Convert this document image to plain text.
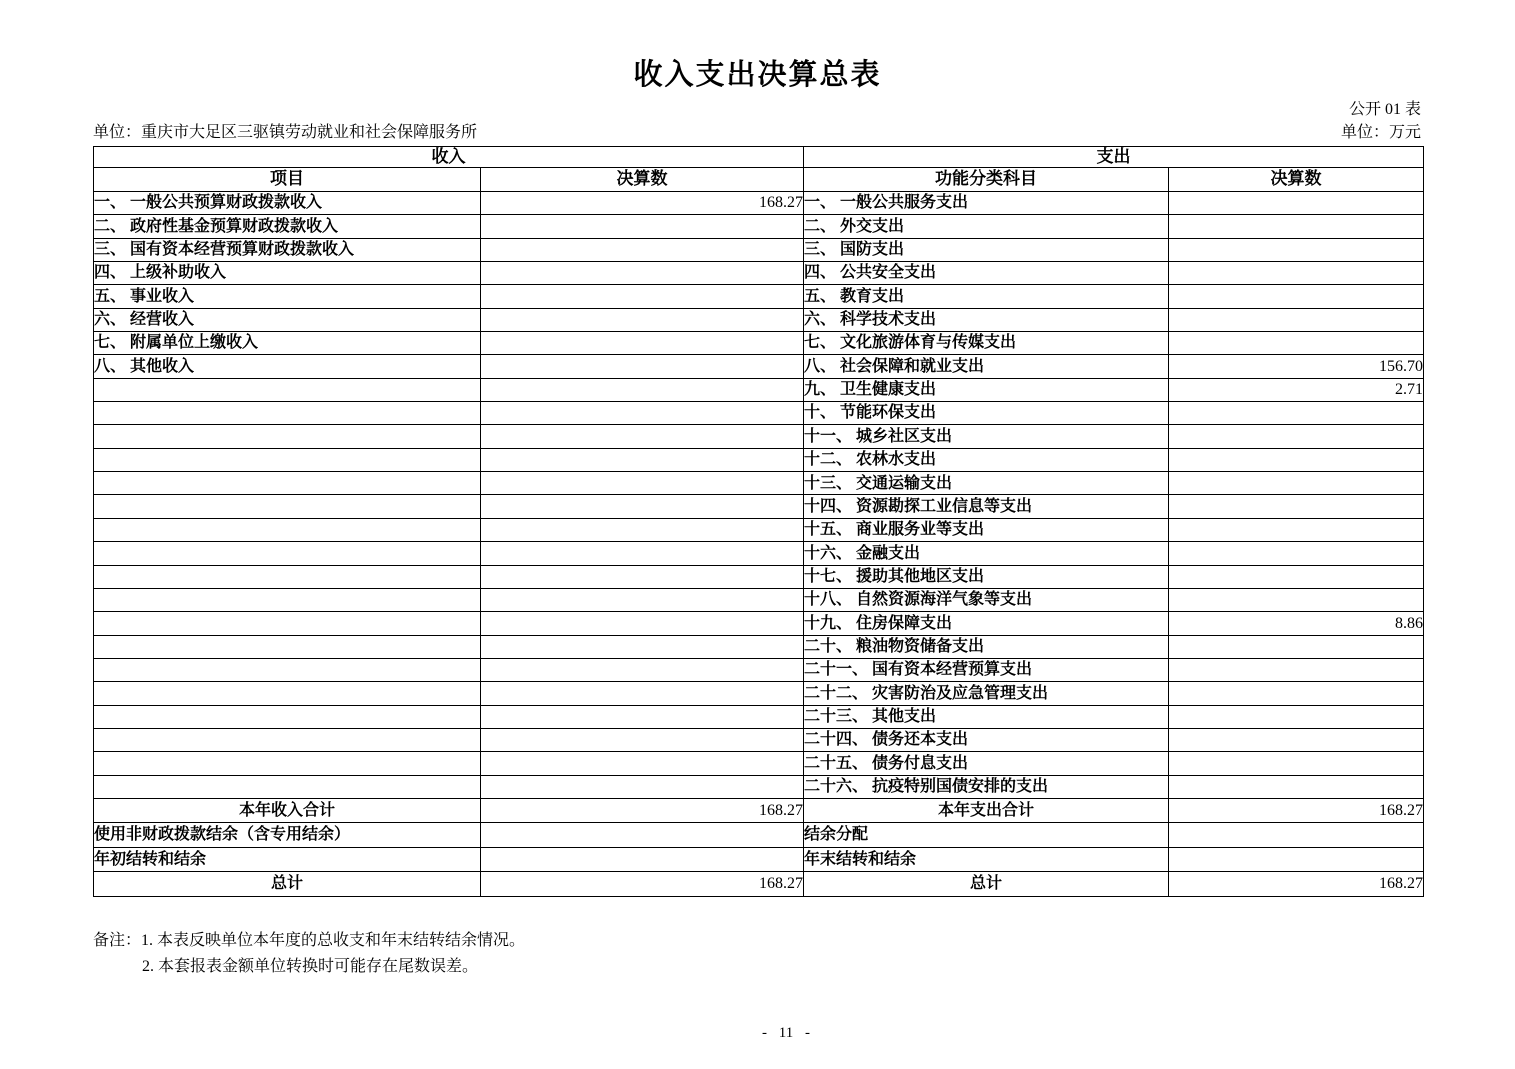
收入支出决算总表
公开 01 表
单位：重庆市大足区三驱镇劳动就业和社会保障服务所	单位：万元
收入		支出	
项目	决算数	功能分类科目	决算数
一、 一般公共预算财政拨款收入	168.27	一、 一般公共服务支出	
二、 政府性基金预算财政拨款收入		二、 外交支出	
三、 国有资本经营预算财政拨款收入		三、 国防支出	
四、 上级补助收入		四、 公共安全支出	
五、 事业收入		五、 教育支出	
六、 经营收入		六、 科学技术支出	
七、 附属单位上缴收入		七、 文化旅游体育与传媒支出	
八、 其他收入		八、 社会保障和就业支出	156.70
		九、 卫生健康支出	2.71
		十、 节能环保支出	
		十一、 城乡社区支出	
		十二、 农林水支出	
		十三、 交通运输支出	
		十四、 资源勘探工业信息等支出	
		十五、 商业服务业等支出	
		十六、 金融支出	
		十七、 援助其他地区支出	
		十八、 自然资源海洋气象等支出	
		十九、 住房保障支出	8.86
		二十、 粮油物资储备支出	
		二十一、 国有资本经营预算支出	
		二十二、 灾害防治及应急管理支出	
		二十三、 其他支出	
		二十四、 债务还本支出	
		二十五、 债务付息支出	
		二十六、 抗疫特别国债安排的支出	
本年收入合计	168.27	本年支出合计	168.27
使用非财政拨款结余（含专用结余）		结余分配	
年初结转和结余		年末结转和结余	
总计	168.27	总计	168.27
备注：1. 本表反映单位本年度的总收支和年末结转结余情况。
2. 本套报表金额单位转换时可能存在尾数误差。
- 11 -
